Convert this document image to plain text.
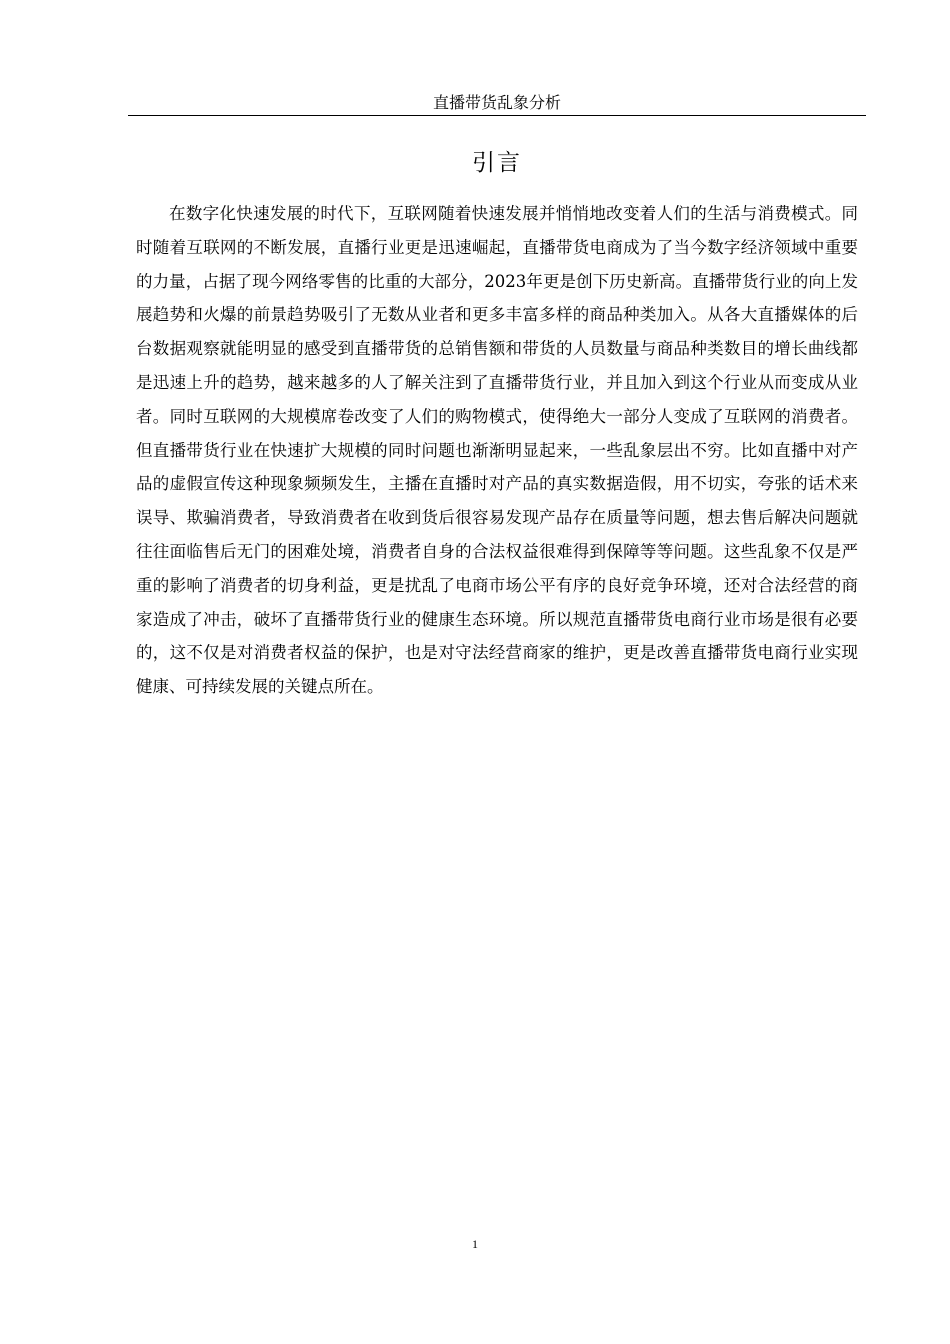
直播带货乱象分析
引言

在数字化快速发展的时代下，互联网随着快速发展并悄悄地改变着人们的生活与消费模式。同时随着互联网的不断发展，直播行业更是迅速崛起，直播带货电商成为了当今数字经济领域中重要的力量，占据了现今网络零售的比重的大部分，2023年更是创下历史新高。直播带货行业的向上发展趋势和火爆的前景趋势吸引了无数从业者和更多丰富多样的商品种类加入。从各大直播媒体的后台数据观察就能明显的感受到直播带货的总销售额和带货的人员数量与商品种类数目的增长曲线都是迅速上升的趋势，越来越多的人了解关注到了直播带货行业，并且加入到这个行业从而变成从业者。同时互联网的大规模席卷改变了人们的购物模式，使得绝大一部分人变成了互联网的消费者。但直播带货行业在快速扩大规模的同时问题也渐渐明显起来，一些乱象层出不穷。比如直播中对产品的虚假宣传这种现象频频发生，主播在直播时对产品的真实数据造假，用不切实，夸张的话术来误导、欺骗消费者，导致消费者在收到货后很容易发现产品存在质量等问题，想去售后解决问题就往往面临售后无门的困难处境，消费者自身的合法权益很难得到保障等等问题。这些乱象不仅是严重的影响了消费者的切身利益，更是扰乱了电商市场公平有序的良好竞争环境，还对合法经营的商家造成了冲击，破坏了直播带货行业的健康生态环境。所以规范直播带货电商行业市场是很有必要的，这不仅是对消费者权益的保护，也是对守法经营商家的维护，更是改善直播带货电商行业实现健康、可持续发展的关键点所在。

1
